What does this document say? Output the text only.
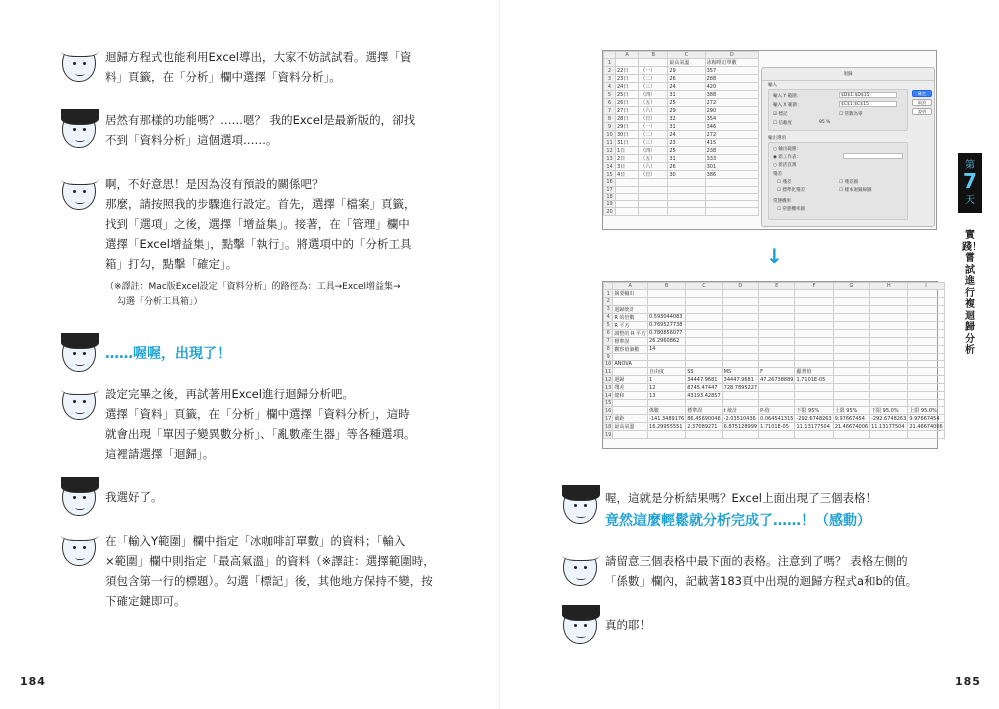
迴歸方程式也能利用Excel導出，大家不妨試試看。選擇「資
料」頁籤，在「分析」欄中選擇「資料分析」。
居然有那樣的功能嗎？……嗯？ 我的Excel是最新版的，卻找
不到「資料分析」這個選項……。
啊，不好意思！是因為沒有預設的關係吧？
那麼，請按照我的步驟進行設定。首先，選擇「檔案」頁籤，
找到「選項」之後，選擇「增益集」。接著，在「管理」欄中
選擇「Excel增益集」，點擊「執行」。將選項中的「分析工具
箱」打勾，點擊「確定」。
（※譯註：Mac版Excel設定「資料分析」的路徑為：工具→Excel增益集→
勾選「分析工具箱」）
……喔喔，出現了！
設定完畢之後，再試著用Excel進行迴歸分析吧。
選擇「資料」頁籤，在「分析」欄中選擇「資料分析」，這時
就會出現「單因子變異數分析」、「亂數產生器」等各種選項。
這裡請選擇「迴歸」。
我選好了。
在「輸入Y範圍」欄中指定「冰咖啡訂單數」的資料；「輸入
×範圍」欄中則指定「最高氣溫」的資料（※譯註：選擇範圍時，
須包含第一行的標題）。勾選「標記」後，其他地方保持不變，按
下確定鍵即可。
184
第
7
天
實踐！嘗試進行複迴歸分析
	A	B	C	D
1			最高氣溫	冰咖啡訂單數
2	22日	（一）	29	357
3	23日	（二）	26	288
4	24日	（三）	24	420
5	25日	（四）	31	388
6	26日	（五）	25	272
7	27日	（六）	29	290
8	28日	（日）	32	354
9	29日	（一）	31	346
10	30日	（二）	24	272
11	31日	（三）	23	415
12	1日	（四）	25	238
13	2日	（五）	31	333
14	3日	（六）	26	301
15	4日	（日）	30	386
16				
17				
18				
19				
20				
迴歸
輸入
輸入 Y 範圍：	$D$1:$D$15
輸入 X 範圍：	$C$1:$C$15
☑ 標記	☐ 常數為零
☐ 信賴度	95 %
輸出選項
○ 輸出範圍：
◉ 新工作表：
○ 新活頁簿
殘差
☐ 殘差	☐ 殘差圖
☐ 標準化殘差	☐ 樣本迴歸線圖
常態機率
☐ 常態機率圖
確定
取消
說明
↓
	A	B	C	D	E	F	G	H	I
1	摘要輸出								
2									
3	迴歸統計								
4	R 的倍數	0.593044083							
5	R 平方	0.769527738							
6	調整的 R 平方	0.780856077							
7	標準誤	26.2960862							
8	觀察值個數	14							
9									
10	ANOVA								
11		自由度	SS	MS	F	顯著值			
12	迴歸	1	34447.9681	34447.9681	47.26738889	1.7101E-05			
13	殘差	12	8745.47447	728.7895227					
14	總和	13	43193.42857						
15									
16		係數	標準誤	t 統計	P-值	下限 95%	上限 95%	下限 95.0%	上限 95.0%
17	截距	-141.3489176	86.45690046	-2.03510436	0.064541315	-292.6748263	9.97667454	-292.6748263	9.97667454
18	最高氣溫	16.29955551	2.37089271	6.875128999	1.7101E-05	11.13177504	21.46674006	11.13177504	21.46674006
19									
喔，這就是分析結果嗎？Excel上面出現了三個表格！
竟然這麼輕鬆就分析完成了……！（感動）
請留意三個表格中最下面的表格。注意到了嗎？ 表格左側的
「係數」欄內，記載著183頁中出現的迴歸方程式a和b的值。
真的耶！
185
